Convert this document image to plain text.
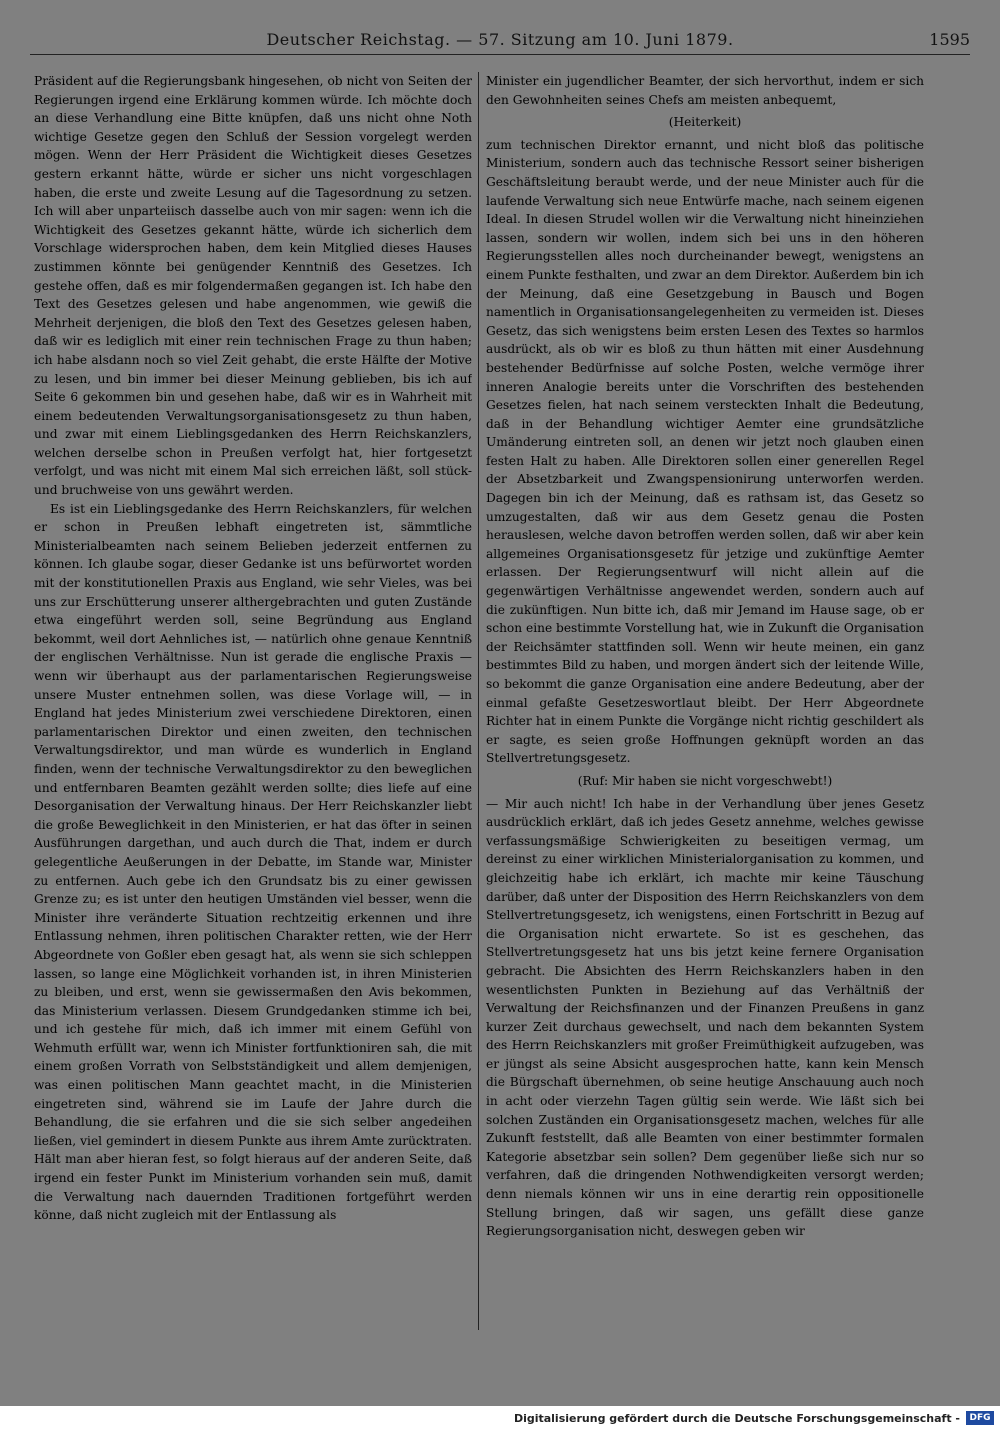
Deutscher Reichstag. — 57. Sitzung am 10. Juni 1879.	1595

Präsident auf die Regierungsbank hingesehen, ob nicht von Seiten der Regierungen irgend eine Erklärung kommen würde. Ich möchte doch an diese Verhandlung eine Bitte knüpfen, daß uns nicht ohne Noth wichtige Gesetze gegen den Schluß der Session vorgelegt werden mögen. Wenn der Herr Präsident die Wichtigkeit dieses Gesetzes gestern erkannt hätte, würde er sicher uns nicht vorgeschlagen haben, die erste und zweite Lesung auf die Tagesordnung zu setzen. Ich will aber unparteiisch dasselbe auch von mir sagen: wenn ich die Wichtigkeit des Gesetzes gekannt hätte, würde ich sicherlich dem Vorschlage widersprochen haben, dem kein Mitglied dieses Hauses zustimmen könnte bei genügender Kenntniß des Gesetzes. Ich gestehe offen, daß es mir folgendermaßen gegangen ist. Ich habe den Text des Gesetzes gelesen und habe angenommen, wie gewiß die Mehrheit derjenigen, die bloß den Text des Gesetzes gelesen haben, daß wir es lediglich mit einer rein technischen Frage zu thun haben; ich habe alsdann noch so viel Zeit gehabt, die erste Hälfte der Motive zu lesen, und bin immer bei dieser Meinung geblieben, bis ich auf Seite 6 gekommen bin und gesehen habe, daß wir es in Wahrheit mit einem bedeutenden Verwaltungsorganisationsgesetz zu thun haben, und zwar mit einem Lieblingsgedanken des Herrn Reichskanzlers, welchen derselbe schon in Preußen verfolgt hat, hier fortgesetzt verfolgt, und was nicht mit einem Mal sich erreichen läßt, soll stück- und bruchweise von uns gewährt werden.

Es ist ein Lieblingsgedanke des Herrn Reichskanzlers, für welchen er schon in Preußen lebhaft eingetreten ist, sämmtliche Ministerialbeamten nach seinem Belieben jederzeit entfernen zu können. Ich glaube sogar, dieser Gedanke ist uns befürwortet worden mit der konstitutionellen Praxis aus England, wie sehr Vieles, was bei uns zur Erschütterung unserer althergebrachten und guten Zustände etwa eingeführt werden soll, seine Begründung aus England bekommt, weil dort Aehnliches ist, — natürlich ohne genaue Kenntniß der englischen Verhältnisse. Nun ist gerade die englische Praxis — wenn wir überhaupt aus der parlamentarischen Regierungsweise unsere Muster entnehmen sollen, was diese Vorlage will, — in England hat jedes Ministerium zwei verschiedene Direktoren, einen parlamentarischen Direktor und einen zweiten, den technischen Verwaltungsdirektor, und man würde es wunderlich in England finden, wenn der technische Verwaltungsdirektor zu den beweglichen und entfernbaren Beamten gezählt werden sollte; dies liefe auf eine Desorganisation der Verwaltung hinaus. Der Herr Reichskanzler liebt die große Beweglichkeit in den Ministerien, er hat das öfter in seinen Ausführungen dargethan, und auch durch die That, indem er durch gelegentliche Aeußerungen in der Debatte, im Stande war, Minister zu entfernen. Auch gebe ich den Grundsatz bis zu einer gewissen Grenze zu; es ist unter den heutigen Umständen viel besser, wenn die Minister ihre veränderte Situation rechtzeitig erkennen und ihre Entlassung nehmen, ihren politischen Charakter retten, wie der Herr Abgeordnete von Goßler eben gesagt hat, als wenn sie sich schleppen lassen, so lange eine Möglichkeit vorhanden ist, in ihren Ministerien zu bleiben, und erst, wenn sie gewissermaßen den Avis bekommen, das Ministerium verlassen. Diesem Grundgedanken stimme ich bei, und ich gestehe für mich, daß ich immer mit einem Gefühl von Wehmuth erfüllt war, wenn ich Minister fortfunktioniren sah, die mit einem großen Vorrath von Selbstständigkeit und allem demjenigen, was einen politischen Mann geachtet macht, in die Ministerien eingetreten sind, während sie im Laufe der Jahre durch die Behandlung, die sie erfahren und die sie sich selber angedeihen ließen, viel gemindert in diesem Punkte aus ihrem Amte zurücktraten. Hält man aber hieran fest, so folgt hieraus auf der anderen Seite, daß irgend ein fester Punkt im Ministerium vorhanden sein muß, damit die Verwaltung nach dauernden Traditionen fortgeführt werden könne, daß nicht zugleich mit der Entlassung als

Minister ein jugendlicher Beamter, der sich hervorthut, indem er sich den Gewohnheiten seines Chefs am meisten anbequemt,

(Heiterkeit)

zum technischen Direktor ernannt, und nicht bloß das politische Ministerium, sondern auch das technische Ressort seiner bisherigen Geschäftsleitung beraubt werde, und der neue Minister auch für die laufende Verwaltung sich neue Entwürfe mache, nach seinem eigenen Ideal. In diesen Strudel wollen wir die Verwaltung nicht hineinziehen lassen, sondern wir wollen, indem sich bei uns in den höheren Regierungsstellen alles noch durcheinander bewegt, wenigstens an einem Punkte festhalten, und zwar an dem Direktor. Außerdem bin ich der Meinung, daß eine Gesetzgebung in Bausch und Bogen namentlich in Organisationsangelegenheiten zu vermeiden ist. Dieses Gesetz, das sich wenigstens beim ersten Lesen des Textes so harmlos ausdrückt, als ob wir es bloß zu thun hätten mit einer Ausdehnung bestehender Bedürfnisse auf solche Posten, welche vermöge ihrer inneren Analogie bereits unter die Vorschriften des bestehenden Gesetzes fielen, hat nach seinem versteckten Inhalt die Bedeutung, daß in der Behandlung wichtiger Aemter eine grundsätzliche Umänderung eintreten soll, an denen wir jetzt noch glauben einen festen Halt zu haben. Alle Direktoren sollen einer generellen Regel der Absetzbarkeit und Zwangspensionirung unterworfen werden. Dagegen bin ich der Meinung, daß es rathsam ist, das Gesetz so umzugestalten, daß wir aus dem Gesetz genau die Posten herauslesen, welche davon betroffen werden sollen, daß wir aber kein allgemeines Organisationsgesetz für jetzige und zukünftige Aemter erlassen. Der Regierungsentwurf will nicht allein auf die gegenwärtigen Verhältnisse angewendet werden, sondern auch auf die zukünftigen. Nun bitte ich, daß mir Jemand im Hause sage, ob er schon eine bestimmte Vorstellung hat, wie in Zukunft die Organisation der Reichsämter stattfinden soll. Wenn wir heute meinen, ein ganz bestimmtes Bild zu haben, und morgen ändert sich der leitende Wille, so bekommt die ganze Organisation eine andere Bedeutung, aber der einmal gefaßte Gesetzeswortlaut bleibt. Der Herr Abgeordnete Richter hat in einem Punkte die Vorgänge nicht richtig geschildert als er sagte, es seien große Hoffnungen geknüpft worden an das Stellvertretungsgesetz.

(Ruf: Mir haben sie nicht vorgeschwebt!)

— Mir auch nicht! Ich habe in der Verhandlung über jenes Gesetz ausdrücklich erklärt, daß ich jedes Gesetz annehme, welches gewisse verfassungsmäßige Schwierigkeiten zu beseitigen vermag, um dereinst zu einer wirklichen Ministerialorganisation zu kommen, und gleichzeitig habe ich erklärt, ich machte mir keine Täuschung darüber, daß unter der Disposition des Herrn Reichskanzlers von dem Stellvertretungsgesetz, ich wenigstens, einen Fortschritt in Bezug auf die Organisation nicht erwartete. So ist es geschehen, das Stellvertretungsgesetz hat uns bis jetzt keine fernere Organisation gebracht. Die Absichten des Herrn Reichskanzlers haben in den wesentlichsten Punkten in Beziehung auf das Verhältniß der Verwaltung der Reichsfinanzen und der Finanzen Preußens in ganz kurzer Zeit durchaus gewechselt, und nach dem bekannten System des Herrn Reichskanzlers mit großer Freimüthigkeit aufzugeben, was er jüngst als seine Absicht ausgesprochen hatte, kann kein Mensch die Bürgschaft übernehmen, ob seine heutige Anschauung auch noch in acht oder vierzehn Tagen gültig sein werde. Wie läßt sich bei solchen Zuständen ein Organisationsgesetz machen, welches für alle Zukunft feststellt, daß alle Beamten von einer bestimmter formalen Kategorie absetzbar sein sollen? Dem gegenüber ließe sich nur so verfahren, daß die dringenden Nothwendigkeiten versorgt werden; denn niemals können wir uns in eine derartig rein oppositionelle Stellung bringen, daß wir sagen, uns gefällt diese ganze Regierungsorganisation nicht, deswegen geben wir

Digitalisierung gefördert durch die Deutsche Forschungsgemeinschaft -	DFG
